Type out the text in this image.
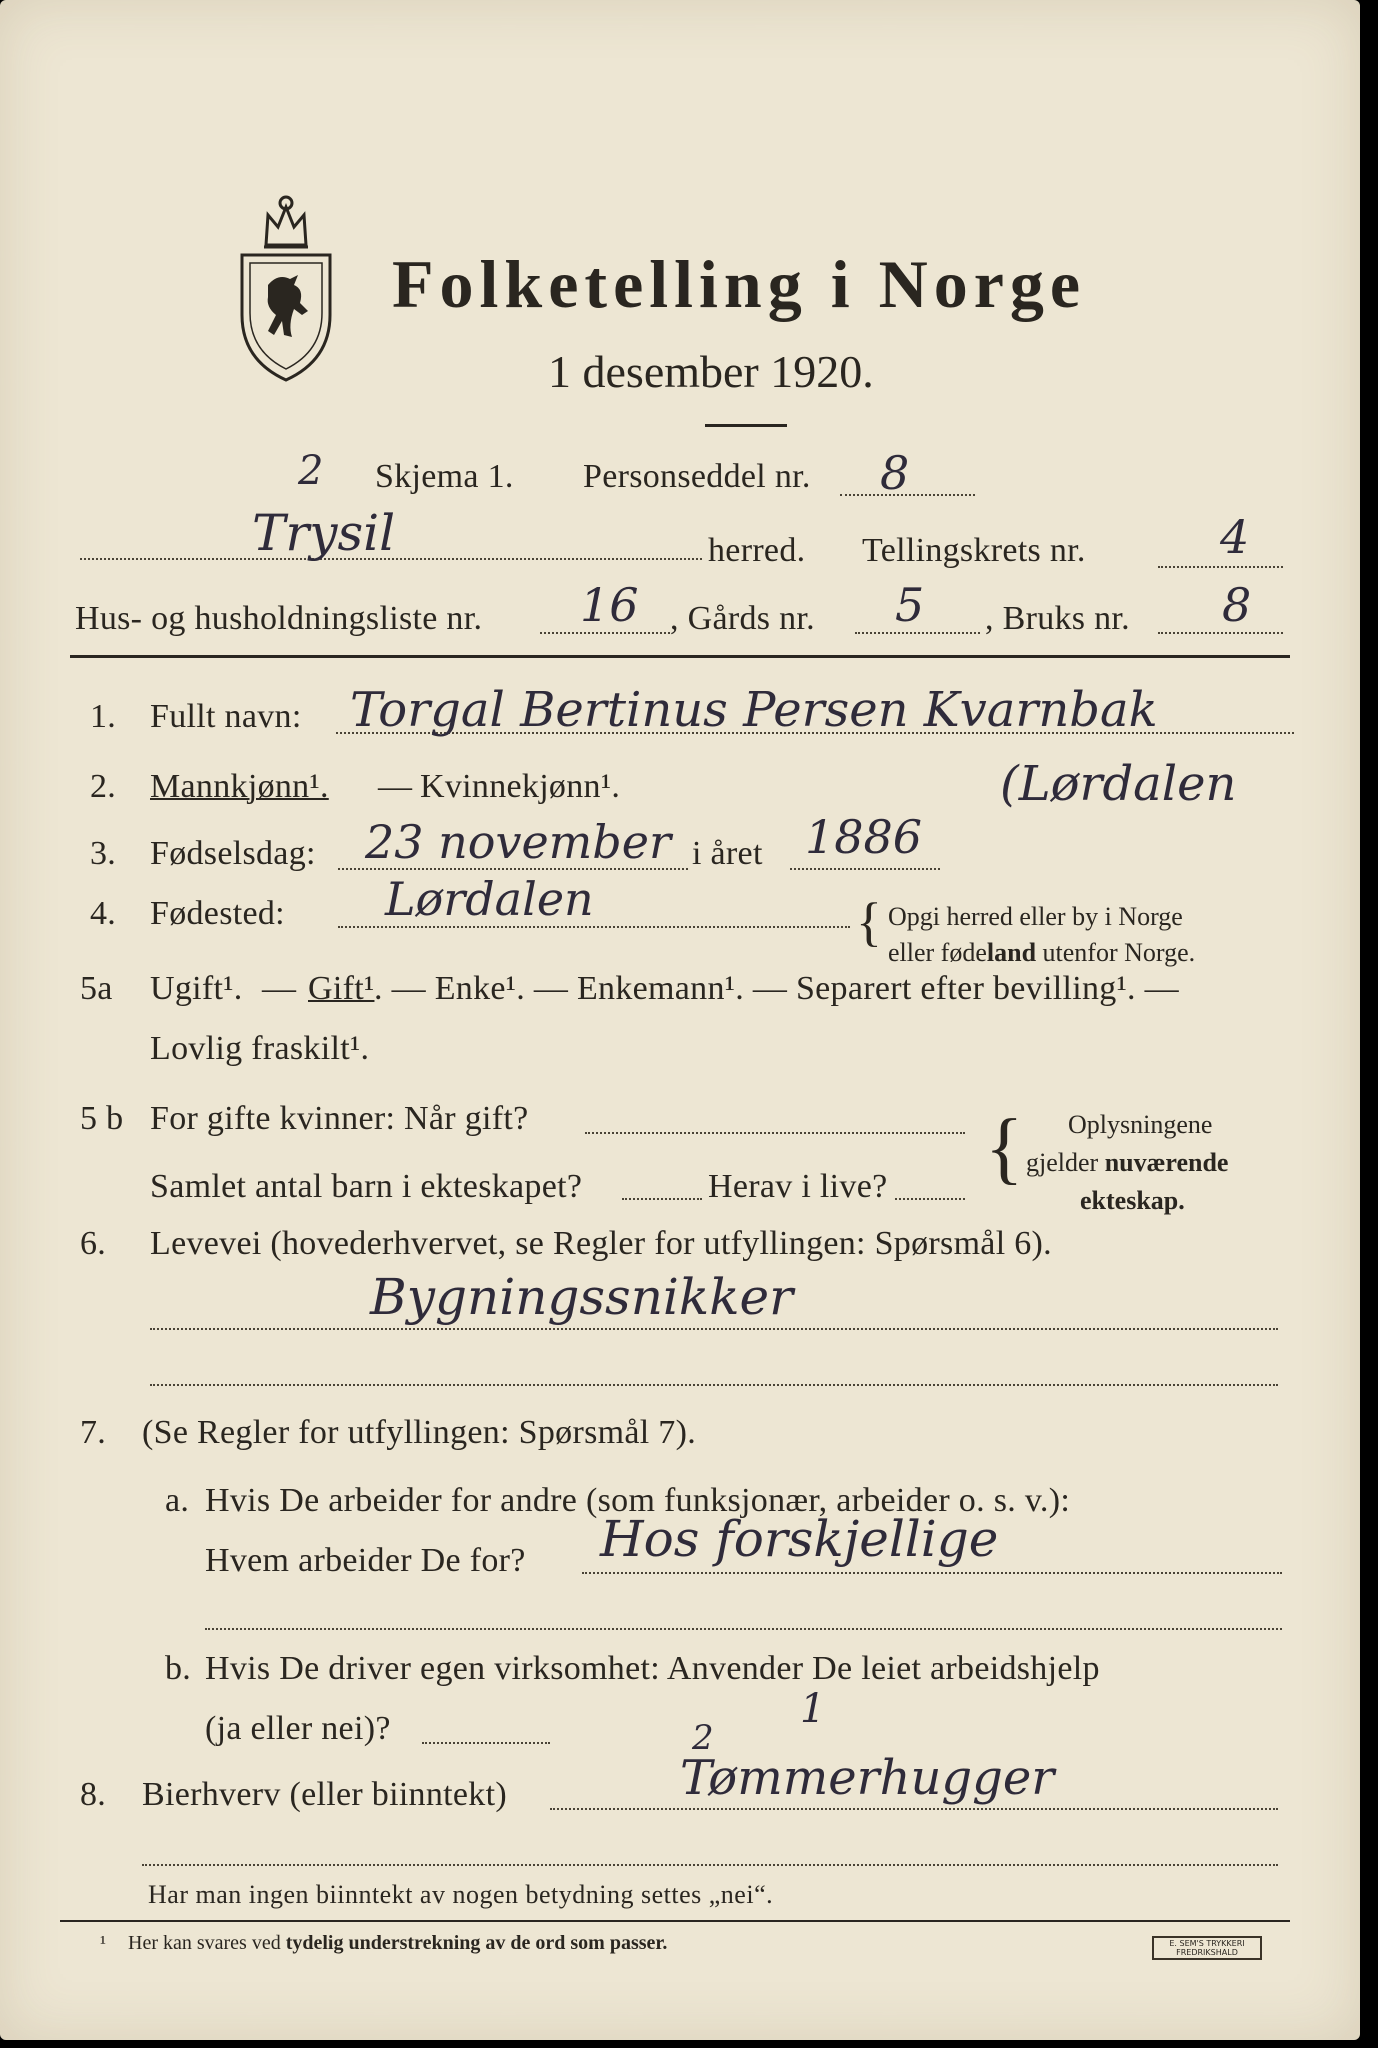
Folketelling i Norge
1 desember 1920.
2 Skjema 1. Personseddel nr. 8
Trysil	herred. Tellingskrets nr.	4
Hus- og husholdningsliste nr. 16 , Gårds nr. 5 , Bruks nr. 8
1. Fullt navn: Torgal Bertinus Persen Kvarnbak
2. Mannkjønn¹. — Kvinnekjønn¹.	(Lørdalen
3. Fødselsdag: 23 november i året 1886
4. Fødested: Lørdalen	{ Opgi herred eller by i Norge
eller fødeland utenfor Norge.
5a Ugift¹. — Gift¹ . — Enke¹. — Enkemann¹. — Separert efter bevilling¹. —
Lovlig fraskilt¹.
5 b For gifte kvinner: Når gift?
Samlet antal barn i ekteskapet?	Herav i live? { Oplysningene
gjelder nuværende
ekteskap.
6. Levevei (hovederhvervet, se Regler for utfyllingen: Spørsmål 6).
Bygningssnikker
7. (Se Regler for utfyllingen: Spørsmål 7).
a. Hvis De arbeider for andre (som funksjonær, arbeider o. s. v.):
Hvem arbeider De for? Hos forskjellige
b. Hvis De driver egen virksomhet: Anvender De leiet arbeidshjelp
(ja eller nei)?	1
8. Bierhverv (eller biinntekt)	Tømmerhugger
2
Har man ingen biinntekt av nogen betydning settes „nei“.
¹ Her kan svares ved tydelig understrekning av de ord som passer.	E. SEM'S TRYKKERI
FREDRIKSHALD
